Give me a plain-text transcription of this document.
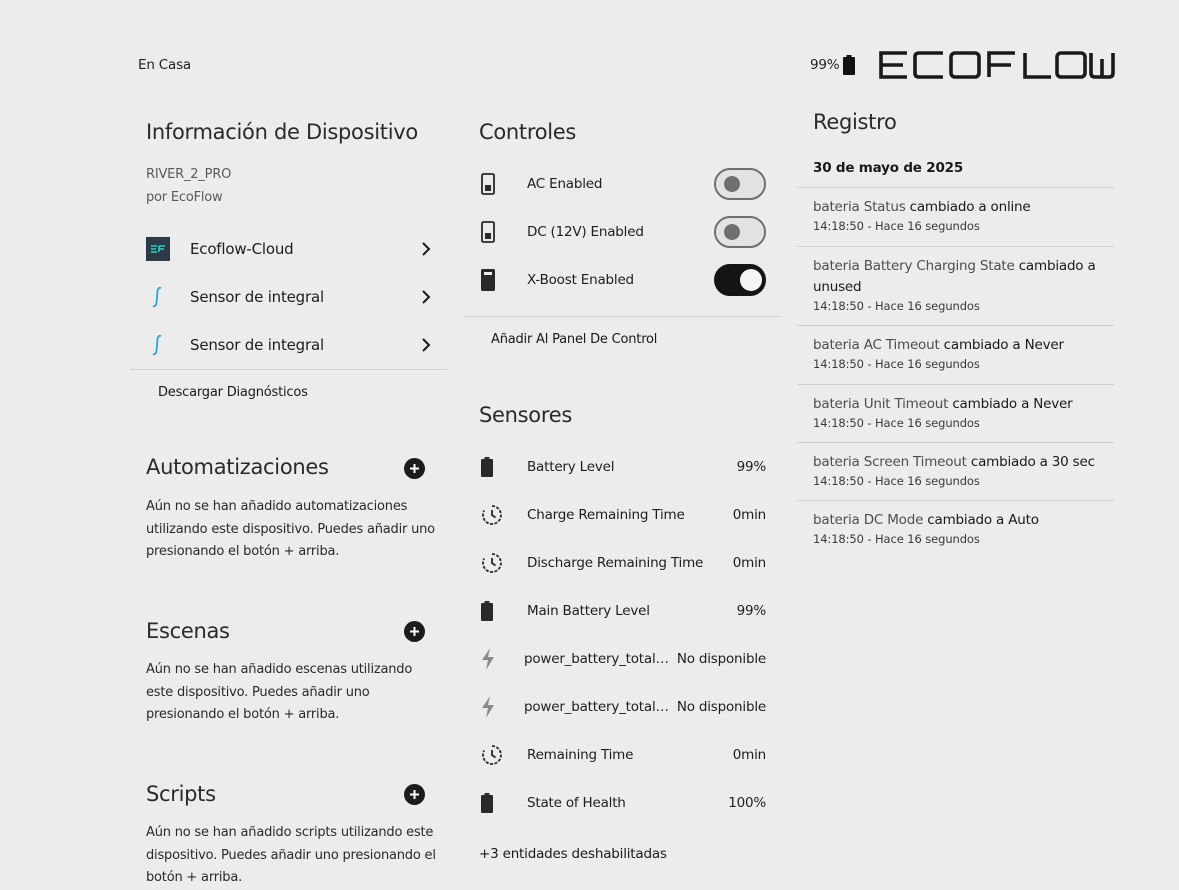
En Casa	99%
Información de Dispositivo
RIVER_2_PRO
por EcoFlow
Ecoflow-Cloud
Sensor de integral
Sensor de integral
Descargar Diagnósticos
Automatizaciones
Aún no se han añadido automatizaciones utilizando este dispositivo. Puedes añadir uno presionando el botón + arriba.
Escenas
Aún no se han añadido escenas utilizando este dispositivo. Puedes añadir uno presionando el botón + arriba.
Scripts
Aún no se han añadido scripts utilizando este dispositivo. Puedes añadir uno presionando el botón + arriba.
Controles
AC Enabled
DC (12V) Enabled
X-Boost Enabled
Añadir Al Panel De Control
Sensores
Battery Level	99%
Charge Remaining Time	0min
Discharge Remaining Time	0min
Main Battery Level	99%
power_battery_total… No disponible
power_battery_total… No disponible
Remaining Time	0min
State of Health	100%
+3 entidades deshabilitadas
Registro
30 de mayo de 2025
bateria Status cambiado a online
14:18:50 - Hace 16 segundos
bateria Battery Charging State cambiado a unused
14:18:50 - Hace 16 segundos
bateria AC Timeout cambiado a Never
14:18:50 - Hace 16 segundos
bateria Unit Timeout cambiado a Never
14:18:50 - Hace 16 segundos
bateria Screen Timeout cambiado a 30 sec
14:18:50 - Hace 16 segundos
bateria DC Mode cambiado a Auto
14:18:50 - Hace 16 segundos
